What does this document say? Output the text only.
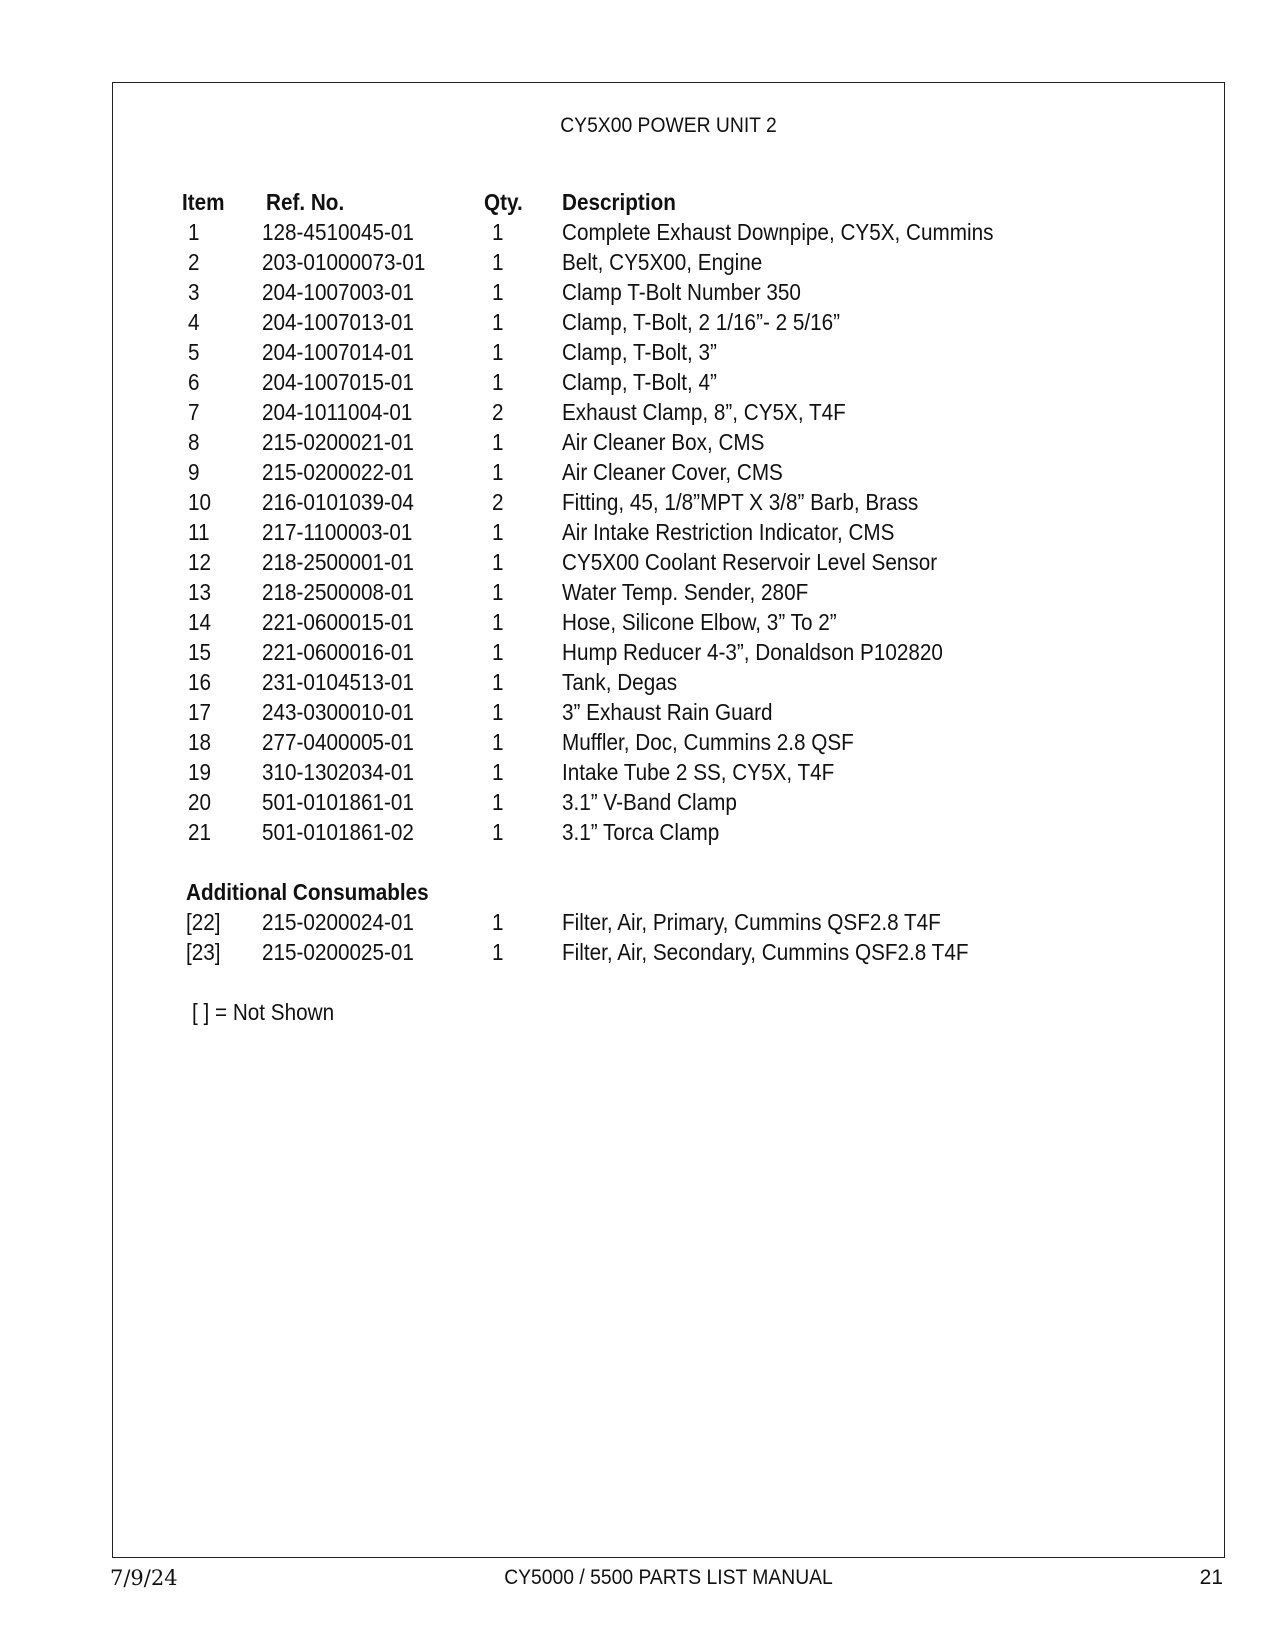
CY5X00 POWER UNIT 2
Item Ref. No.	Qty. Description
1	128-4510045-01	1	Complete Exhaust Downpipe, CY5X, Cummins
2	203-01000073-01	1	Belt, CY5X00, Engine
3	204-1007003-01	1	Clamp T-Bolt Number 350
4	204-1007013-01	1	Clamp, T-Bolt, 2 1/16”- 2 5/16”
5	204-1007014-01	1	Clamp, T-Bolt, 3”
6	204-1007015-01	1	Clamp, T-Bolt, 4”
7	204-1011004-01	2	Exhaust Clamp, 8”, CY5X, T4F
8	215-0200021-01	1	Air Cleaner Box, CMS
9	215-0200022-01	1	Air Cleaner Cover, CMS
10 216-0101039-04	2	Fitting, 45, 1/8”MPT X 3/8” Barb, Brass
11 217-1100003-01	1	Air Intake Restriction Indicator, CMS
12 218-2500001-01	1	CY5X00 Coolant Reservoir Level Sensor
13 218-2500008-01	1	Water Temp. Sender, 280F
14 221-0600015-01	1	Hose, Silicone Elbow, 3” To 2”
15 221-0600016-01	1	Hump Reducer 4-3”, Donaldson P102820
16 231-0104513-01	1	Tank, Degas
17 243-0300010-01	1	3” Exhaust Rain Guard
18 277-0400005-01	1	Muffler, Doc, Cummins 2.8 QSF
19 310-1302034-01	1	Intake Tube 2 SS, CY5X, T4F
20 501-0101861-01	1	3.1” V-Band Clamp
21 501-0101861-02	1	3.1” Torca Clamp
Additional Consumables
[22] 215-0200024-01	1	Filter, Air, Primary, Cummins QSF2.8 T4F
[23] 215-0200025-01	1	Filter, Air, Secondary, Cummins QSF2.8 T4F
[ ] = Not Shown
7/9/24	CY5000 / 5500 PARTS LIST MANUAL	21
